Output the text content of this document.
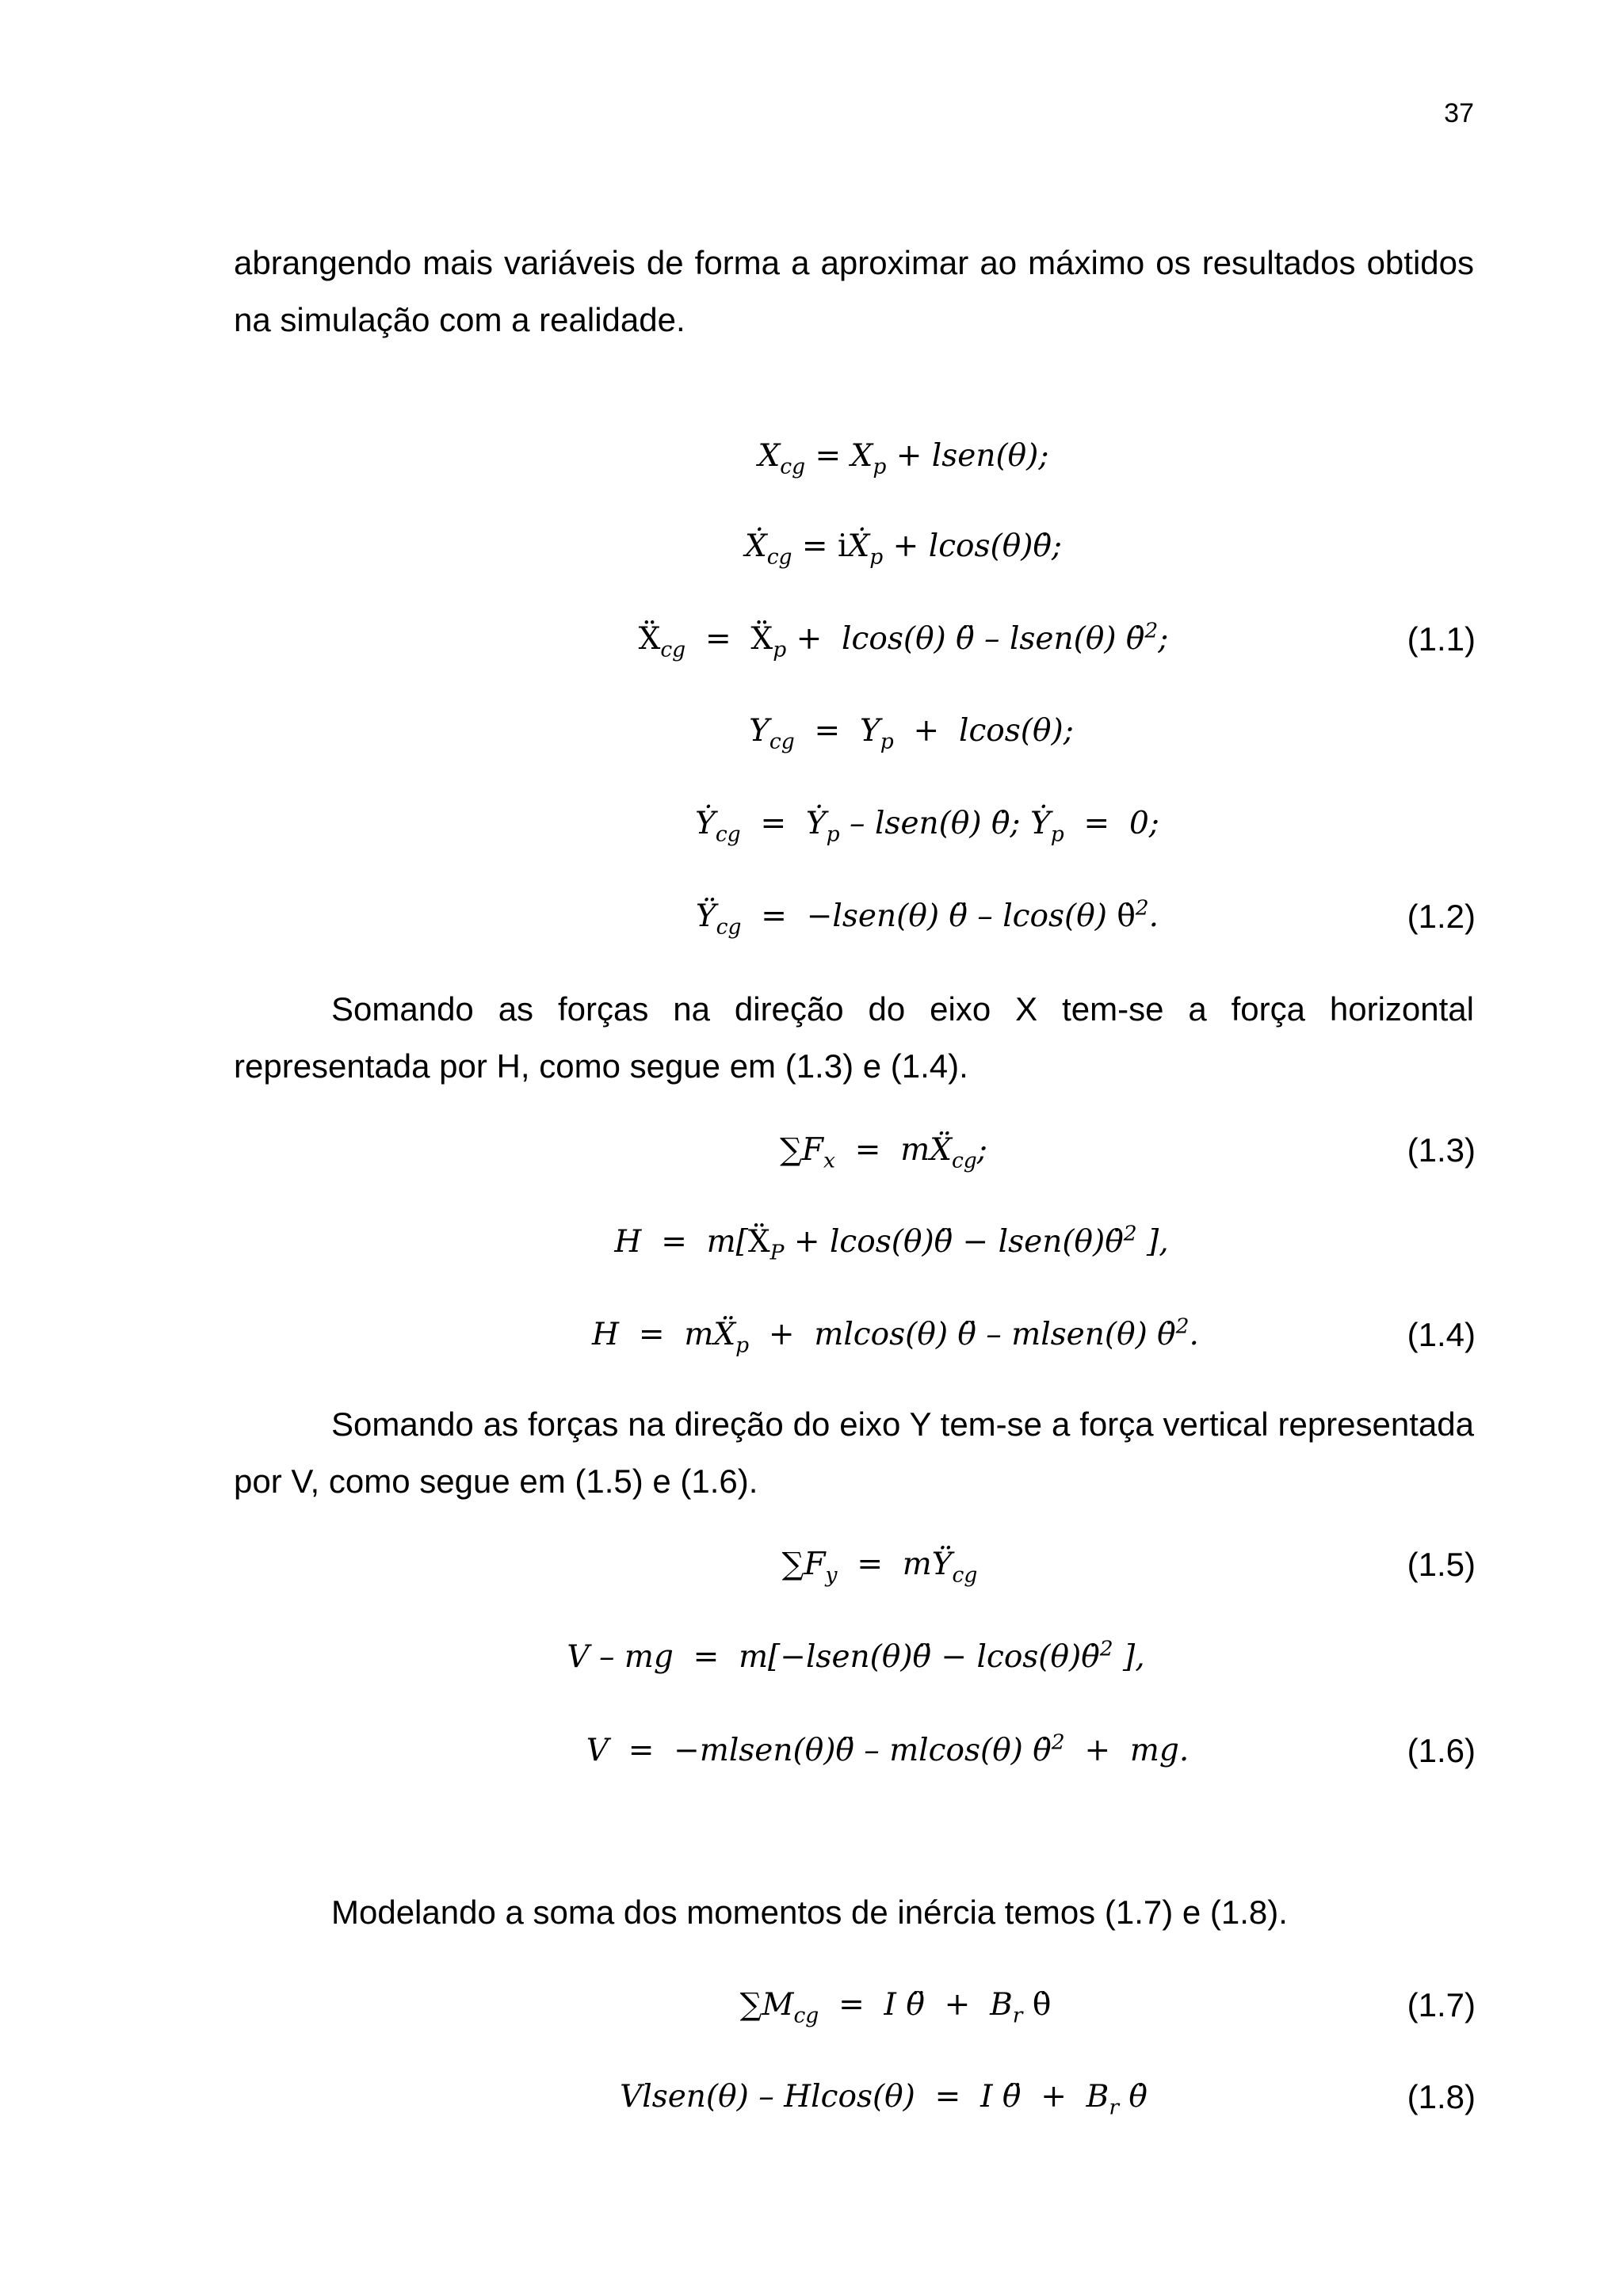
37
abrangendo mais variáveis de forma a aproximar ao máximo os resultados obtidos
na simulação com a realidade.
$X_{cg} = X_p$ + lsen(θ);
Ẋ$_{cg}$ = iẊ$_p$ + lcos(θ)θ̇;
Ẍ$_{cg}$  =  Ẍ$_p$ +  lcos(θ) θ̈ – lsen(θ) θ̇$^2$;	(1.1)
$Y_{cg} = Y_p + lcos(\theta)$;
Ẏ$_{cg}$  =  Ẏ$_p$ – lsen(θ) θ̇; Ẏ$_p$  =  0;
$Ÿ_{cg}$  =  −lsen(θ) θ̈ – lcos(θ) θ̇$^2$.	(1.2)
Somando as forças na direção do eixo X tem-se a força horizontal
representada por H, como segue em (1.3) e (1.4).
$\sum F_x$  =  mẌ$_{cg}$;	(1.3)
H  =  m[Ẍ$_P$ + lcos(θ)θ̈ − lsen(θ)θ̇$^2$ ],
H  =  mẌ$_p$  +  mlcos(θ) θ̈ – mlsen(θ) θ̇$^2$.	(1.4)
Somando as forças na direção do eixo Y tem-se a força vertical representada
por V, como segue em (1.5) e (1.6).
$\sum F_y$  =  $mŸ_{cg}$	(1.5)
V – mg  =  m[−lsen(θ)θ̈ − lcos(θ)θ̇$^2$ ],
V  =  −mlsen(θ)θ̈ – mlcos(θ) θ̇$^2$  +  mg.	(1.6)
Modelando a soma dos momentos de inércia temos (1.7) e (1.8).
$\sum M_{cg} = I$ θ̈  +  $B_r$ θ̇	(1.7)
Vlsen(θ) – Hlcos(θ)  =  I θ̈  +  $B_r$ θ̇	(1.8)
